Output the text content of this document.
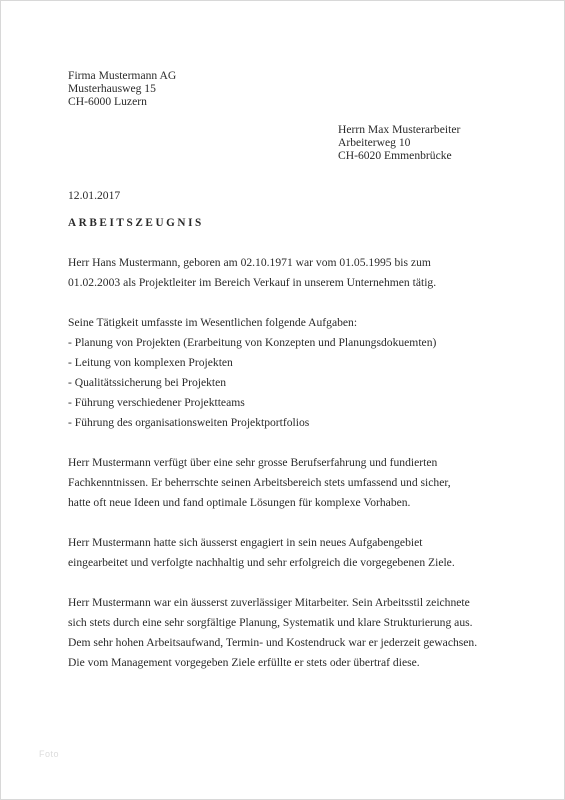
Firma Mustermann AG
Musterhausweg 15
CH-6000 Luzern
Herrn Max Musterarbeiter
Arbeiterweg 10
CH-6020 Emmenbrücke
12.01.2017
ARBEITSZEUGNIS
Herr Hans Mustermann, geboren am 02.10.1971 war vom 01.05.1995 bis zum
01.02.2003 als Projektleiter im Bereich Verkauf in unserem Unternehmen tätig.
Seine Tätigkeit umfasste im Wesentlichen folgende Aufgaben:
- Planung von Projekten (Erarbeitung von Konzepten und Planungsdokuemten)
- Leitung von komplexen Projekten
- Qualitätssicherung bei Projekten
- Führung verschiedener Projektteams
- Führung des organisationsweiten Projektportfolios
Herr Mustermann verfügt über eine sehr grosse Berufserfahrung und fundierten
Fachkenntnissen. Er beherrschte seinen Arbeitsbereich stets umfassend und sicher,
hatte oft neue Ideen und fand optimale Lösungen für komplexe Vorhaben.
Herr Mustermann hatte sich äusserst engagiert in sein neues Aufgabengebiet
eingearbeitet und verfolgte nachhaltig und sehr erfolgreich die vorgegebenen Ziele.
Herr Mustermann war ein äusserst zuverlässiger Mitarbeiter. Sein Arbeitsstil zeichnete
sich stets durch eine sehr sorgfältige Planung, Systematik und klare Strukturierung aus.
Dem sehr hohen Arbeitsaufwand, Termin- und Kostendruck war er jederzeit gewachsen.
Die vom Management vorgegeben Ziele erfüllte er stets oder übertraf diese.
Foto
